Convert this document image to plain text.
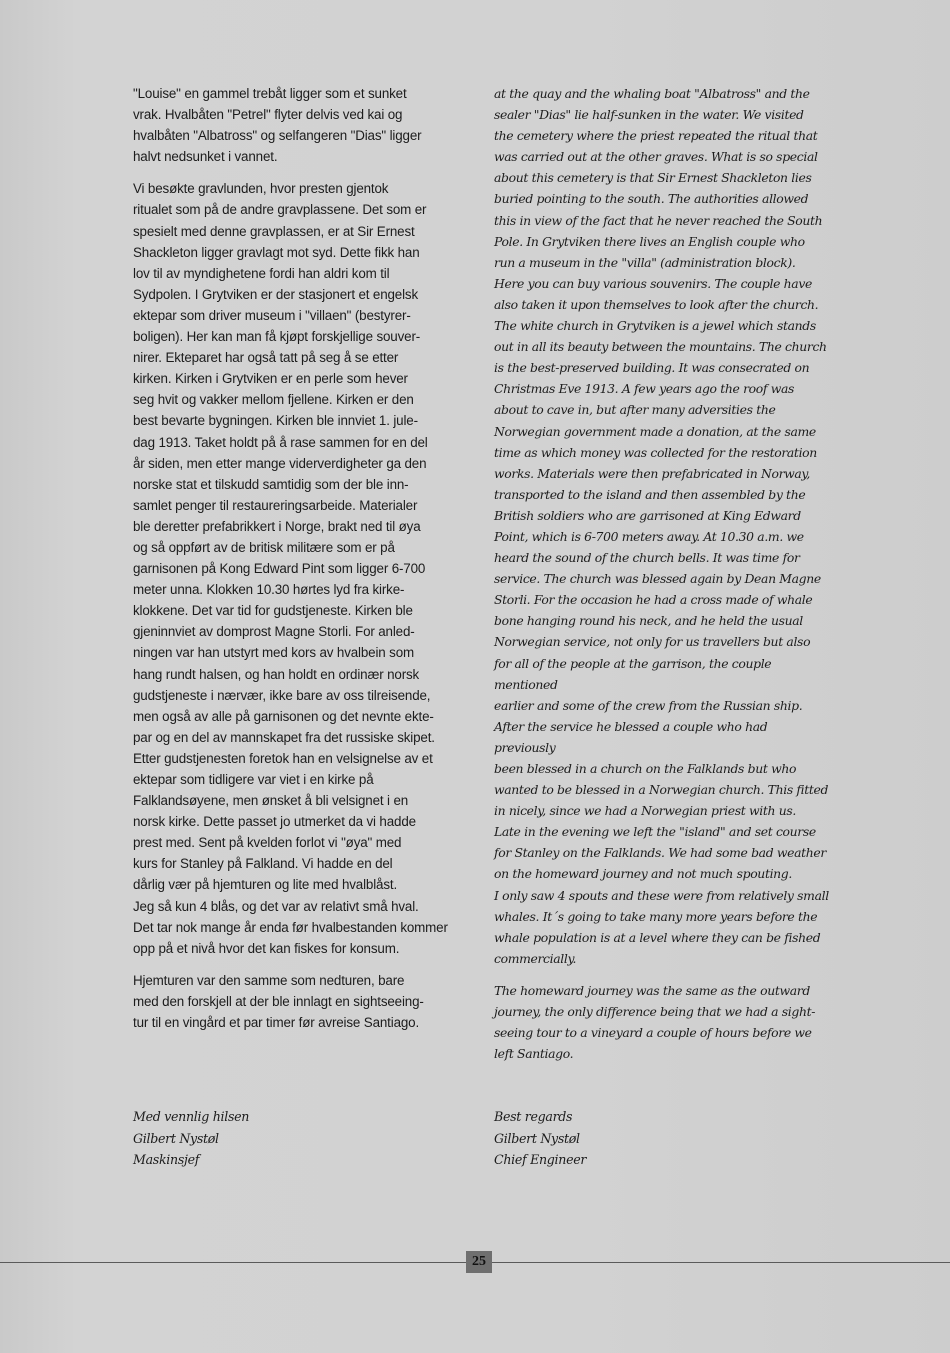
"Louise" en gammel trebåt ligger som et sunket
vrak. Hvalbåten "Petrel" flyter delvis ved kai og
hvalbåten "Albatross" og selfangeren "Dias" ligger
halvt nedsunket i vannet.

Vi besøkte gravlunden, hvor presten gjentok
ritualet som på de andre gravplassene. Det som er
spesielt med denne gravplassen, er at Sir Ernest
Shackleton ligger gravlagt mot syd. Dette fikk han
lov til av myndighetene fordi han aldri kom til
Sydpolen. I Grytviken er der stasjonert et engelsk
ektepar som driver museum i "villaen" (bestyrer-
boligen). Her kan man få kjøpt forskjellige souver-
nirer. Ekteparet har også tatt på seg å se etter
kirken. Kirken i Grytviken er en perle som hever
seg hvit og vakker mellom fjellene. Kirken er den
best bevarte bygningen. Kirken ble innviet 1. jule-
dag 1913. Taket holdt på å rase sammen for en del
år siden, men etter mange viderverdigheter ga den
norske stat et tilskudd samtidig som der ble inn-
samlet penger til restaureringsarbeide. Materialer
ble deretter prefabrikkert i Norge, brakt ned til øya
og så oppført av de britisk militære som er på
garnisonen på Kong Edward Pint som ligger 6-700
meter unna. Klokken 10.30 hørtes lyd fra kirke-
klokkene. Det var tid for gudstjeneste. Kirken ble
gjeninnviet av domprost Magne Storli. For anled-
ningen var han utstyrt med kors av hvalbein som
hang rundt halsen, og han holdt en ordinær norsk
gudstjeneste i nærvær, ikke bare av oss tilreisende,
men også av alle på garnisonen og det nevnte ekte-
par og en del av mannskapet fra det russiske skipet.
Etter gudstjenesten foretok han en velsignelse av et
ektepar som tidligere var viet i en kirke på
Falklandsøyene, men ønsket å bli velsignet i en
norsk kirke. Dette passet jo utmerket da vi hadde
prest med. Sent på kvelden forlot vi "øya" med
kurs for Stanley på Falkland. Vi hadde en del
dårlig vær på hjemturen og lite med hvalblåst.
Jeg så kun 4 blås, og det var av relativt små hval.
Det tar nok mange år enda før hvalbestanden kommer
opp på et nivå hvor det kan fiskes for konsum.

Hjemturen var den samme som nedturen, bare
med den forskjell at der ble innlagt en sightseeing-
tur til en vingård et par timer før avreise Santiago.

at the quay and the whaling boat "Albatross" and the
sealer "Dias" lie half-sunken in the water. We visited
the cemetery where the priest repeated the ritual that
was carried out at the other graves. What is so special
about this cemetery is that Sir Ernest Shackleton lies
buried pointing to the south. The authorities allowed
this in view of the fact that he never reached the South
Pole. In Grytviken there lives an English couple who
run a museum in the "villa" (administration block).
Here you can buy various souvenirs. The couple have
also taken it upon themselves to look after the church.
The white church in Grytviken is a jewel which stands
out in all its beauty between the mountains. The church
is the best-preserved building. It was consecrated on
Christmas Eve 1913. A few years ago the roof was
about to cave in, but after many adversities the
Norwegian government made a donation, at the same
time as which money was collected for the restoration
works. Materials were then prefabricated in Norway,
transported to the island and then assembled by the
British soldiers who are garrisoned at King Edward
Point, which is 6-700 meters away. At 10.30 a.m. we
heard the sound of the church bells. It was time for
service. The church was blessed again by Dean Magne
Storli. For the occasion he had a cross made of whale
bone hanging round his neck, and he held the usual
Norwegian service, not only for us travellers but also
for all of the people at the garrison, the couple mentioned
earlier and some of the crew from the Russian ship.
After the service he blessed a couple who had previously
been blessed in a church on the Falklands but who
wanted to be blessed in a Norwegian church. This fitted
in nicely, since we had a Norwegian priest with us.
Late in the evening we left the "island" and set course
for Stanley on the Falklands. We had some bad weather
on the homeward journey and not much spouting.
I only saw 4 spouts and these were from relatively small
whales. It´s going to take many more years before the
whale population is at a level where they can be fished
commercially.

The homeward journey was the same as the outward
journey, the only difference being that we had a sight-
seeing tour to a vineyard a couple of hours before we
left Santiago.

Med vennlig hilsen
Gilbert Nystøl
Maskinsjef
Best regards
Gilbert Nystøl
Chief Engineer
25
